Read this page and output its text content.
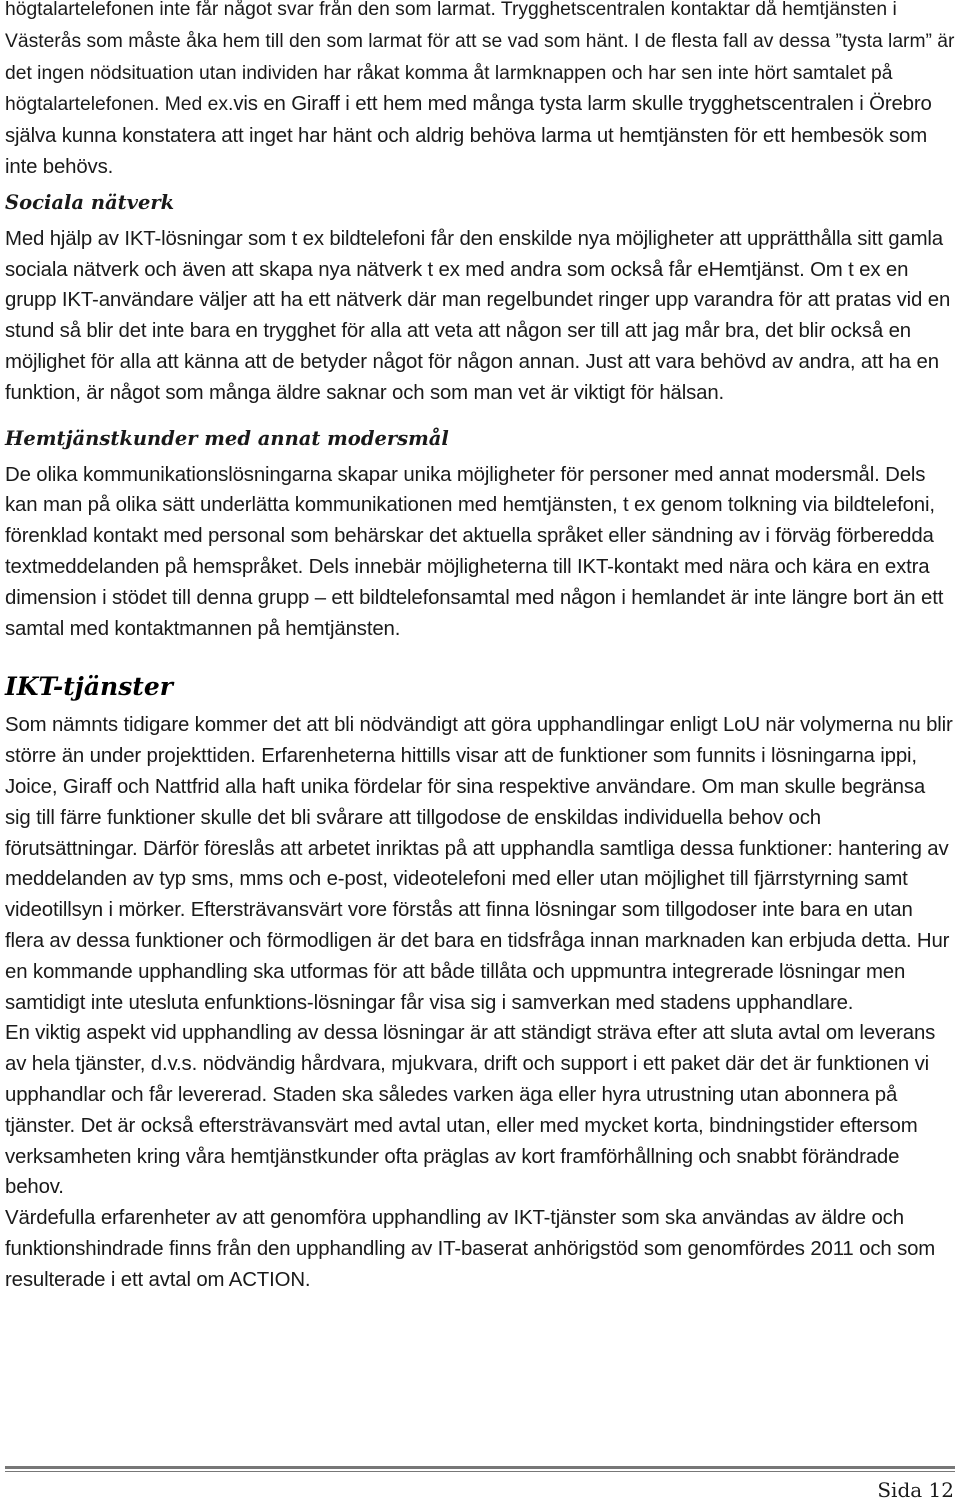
högtalartelefonen inte får något svar från den som larmat. Trygghetscentralen kontaktar då hemtjänsten i Västerås som måste åka hem till den som larmat för att se vad som hänt. I de flesta fall av dessa ”tysta larm” är det ingen nödsituation utan individen har råkat komma åt larmknappen och har sen inte hört samtalet på högtalartelefonen. Med ex.vis en Giraff i ett hem med många tysta larm skulle trygghetscentralen i Örebro själva kunna konstatera att inget har hänt och aldrig behöva larma ut hemtjänsten för ett hembesök som inte behövs.

Sociala nätverk

Med hjälp av IKT-lösningar som t ex bildtelefoni får den enskilde nya möjligheter att upprätthålla sitt gamla sociala nätverk och även att skapa nya nätverk t ex med andra som också får eHemtjänst. Om t ex en grupp IKT-användare väljer att ha ett nätverk där man regelbundet ringer upp varandra för att pratas vid en stund så blir det inte bara en trygghet för alla att veta att någon ser till att jag mår bra, det blir också en möjlighet för alla att känna att de betyder något för någon annan. Just att vara behövd av andra, att ha en funktion, är något som många äldre saknar och som man vet är viktigt för hälsan.

Hemtjänstkunder med annat modersmål

De olika kommunikationslösningarna skapar unika möjligheter för personer med annat modersmål. Dels kan man på olika sätt underlätta kommunikationen med hemtjänsten, t ex genom tolkning via bildtelefoni, förenklad kontakt med personal som behärskar det aktuella språket eller sändning av i förväg förberedda textmeddelanden på hemspråket. Dels innebär möjligheterna till IKT-kontakt med nära och kära en extra dimension i stödet till denna grupp – ett bildtelefonsamtal med någon i hemlandet är inte längre bort än ett samtal med kontaktmannen på hemtjänsten.

IKT-tjänster

Som nämnts tidigare kommer det att bli nödvändigt att göra upphandlingar enligt LoU när volymerna nu blir större än under projekttiden. Erfarenheterna hittills visar att de funktioner som funnits i lösningarna ippi, Joice, Giraff och Nattfrid alla haft unika fördelar för sina respektive användare. Om man skulle begränsa sig till färre funktioner skulle det bli svårare att tillgodose de enskildas individuella behov och förutsättningar. Därför föreslås att arbetet inriktas på att upphandla samtliga dessa funktioner: hantering av meddelanden av typ sms, mms och e-post, videotelefoni med eller utan möjlighet till fjärrstyrning samt videotillsyn i mörker. Eftersträvansvärt vore förstås att finna lösningar som tillgodoser inte bara en utan flera av dessa funktioner och förmodligen är det bara en tidsfråga innan marknaden kan erbjuda detta. Hur en kommande upphandling ska utformas för att både tillåta och uppmuntra integrerade lösningar men samtidigt inte utesluta enfunktions-lösningar får visa sig i samverkan med stadens upphandlare.

En viktig aspekt vid upphandling av dessa lösningar är att ständigt sträva efter att sluta avtal om leverans av hela tjänster, d.v.s. nödvändig hårdvara, mjukvara, drift och support i ett paket där det är funktionen vi upphandlar och får levererad. Staden ska således varken äga eller hyra utrustning utan abonnera på tjänster. Det är också eftersträvansvärt med avtal utan, eller med mycket korta, bindningstider eftersom verksamheten kring våra hemtjänstkunder ofta präglas av kort framförhållning och snabbt förändrade behov.

Värdefulla erfarenheter av att genomföra upphandling av IKT-tjänster som ska användas av äldre och funktionshindrade finns från den upphandling av IT-baserat anhörigstöd som genomfördes 2011 och som resulterade i ett avtal om ACTION.

Sida 12
